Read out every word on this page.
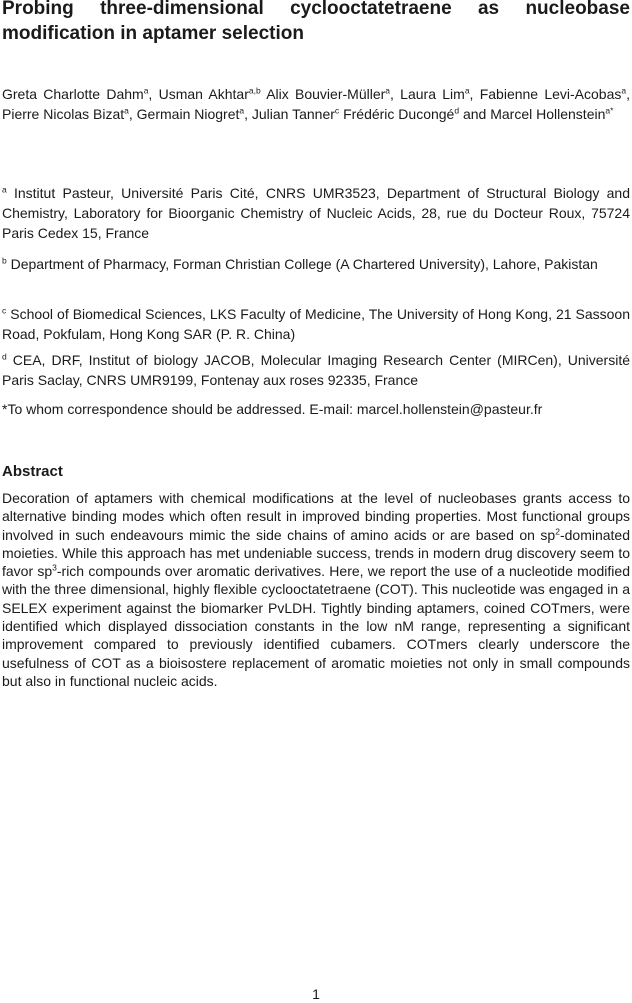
Probing three-dimensional cyclooctatetraene as nucleobase modification in aptamer selection

Greta Charlotte Dahm$^a$, Usman Akhtar$^{a,b}$ Alix Bouvier-Müller$^a$, Laura Lim$^a$, Fabienne Levi-Acobas$^a$, Pierre Nicolas Bizat$^a$, Germain Niogret$^a$, Julian Tanner$^c$ Frédéric Ducongé$^d$ and Marcel Hollenstein$^{a*}$

$^a$ Institut Pasteur, Université Paris Cité, CNRS UMR3523, Department of Structural Biology and Chemistry, Laboratory for Bioorganic Chemistry of Nucleic Acids, 28, rue du Docteur Roux, 75724 Paris Cedex 15, France

$^b$ Department of Pharmacy, Forman Christian College (A Chartered University), Lahore, Pakistan

$^c$ School of Biomedical Sciences, LKS Faculty of Medicine, The University of Hong Kong, 21 Sassoon Road, Pokfulam, Hong Kong SAR (P. R. China)

$^d$ CEA, DRF, Institut of biology JACOB, Molecular Imaging Research Center (MIRCen), Université Paris Saclay, CNRS UMR9199, Fontenay aux roses 92335, France

*To whom correspondence should be addressed. E-mail: marcel.hollenstein@pasteur.fr

Abstract

Decoration of aptamers with chemical modifications at the level of nucleobases grants access to alternative binding modes which often result in improved binding properties. Most functional groups involved in such endeavours mimic the side chains of amino acids or are based on $sp^2$-dominated moieties. While this approach has met undeniable success, trends in modern drug discovery seem to favor $sp^3$-rich compounds over aromatic derivatives. Here, we report the use of a nucleotide modified with the three dimensional, highly flexible cyclooctatetraene (COT). This nucleotide was engaged in a SELEX experiment against the biomarker PvLDH. Tightly binding aptamers, coined COTmers, were identified which displayed dissociation constants in the low nM range, representing a significant improvement compared to previously identified cubamers. COTmers clearly underscore the usefulness of COT as a bioisostere replacement of aromatic moieties not only in small compounds but also in functional nucleic acids.

1
